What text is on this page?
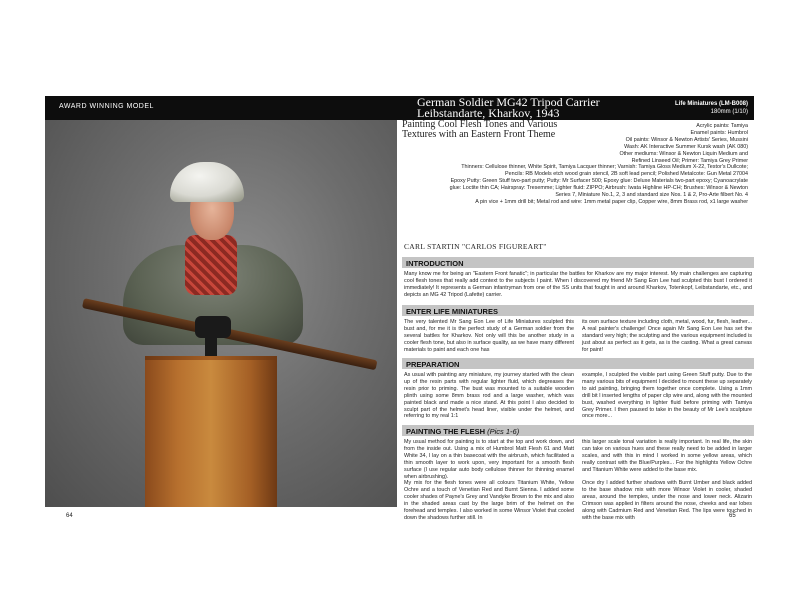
AWARD WINNING MODEL	German Soldier MG42 Tripod Carrier
Leibstandarte, Kharkov, 1943
Life Miniatures (LM-B008)
180mm (1/10)
Painting Cool Flesh Tones and Various Textures with an Eastern Front Theme
Acrylic paints: Tamiya
Enamel paints: Humbrol
Oil paints: Winsor & Newton Artists' Series, Mussini
Wash: AK Interactive Summer Kursk wash (AK 080)
Other mediums: Winsor & Newton Liquin Medium and
Refined Linseed Oil; Primer: Tamiya Grey Primer
Thinners: Cellulose thinner, White Spirit, Tamiya Lacquer thinner; Varnish: Tamiya Gloss Medium X-22, Testor's Dullcote;
Pencils: RB Models etch wood grain stencil, 2B soft lead pencil; Polished Metalcote: Gun Metal 27004
Epoxy Putty: Green Stuff two-part putty; Putty: Mr Surfacer 500; Epoxy glue: Deluxe Materials two-part epoxy; Cyanoacrylate
glue: Loctite thin CA; Hairspray: Tresemme; Lighter fluid: ZIPPO; Airbrush: Iwata Highline HP-CH; Brushes: Winsor & Newton
Series 7, Miniature No.1, 2, 3 and standard size Nos. 1 & 2, Pro-Arte filbert No. 4
A pin vice + 1mm drill bit; Metal rod and wire: 1mm metal paper clip, Copper wire, 8mm Brass rod, x1 large washer
CARL STARTIN "CARLOS FIGUREART"
INTRODUCTION
Many know me for being an "Eastern Front fanatic"; in particular the battles for Kharkov are my major interest. My main challenges are capturing cool flesh tones that really add context to the subjects I paint. When I discovered my friend Mr Sang Eon Lee had sculpted this bust I ordered it immediately! It represents a German infantryman from one of the SS units that fought in and around Kharkov, Totenkopf, Leibstandarte, etc., and depicts an MG 42 Tripod (Lafette) carrier.
ENTER LIFE MINIATURES
The very talented Mr Sang Eon Lee of Life Miniatures sculpted this bust and, for me it is the perfect study of a German soldier from the several battles for Kharkov. Not only will this be another study in a cooler flesh tone, but also in surface quality, as we have many different materials to paint and each one has
its own surface texture including cloth, metal, wood, fur, flesh, leather... A real painter's challenge! Once again Mr Sang Eon Lee has set the standard very high; the sculpting and the various equipment included is just about as perfect as it gets, as is the casting. What a great canvas for paint!
PREPARATION
As usual with painting any miniature, my journey started with the clean up of the resin parts with regular lighter fluid, which degreases the resin prior to priming. The bust was mounted to a suitable wooden plinth using some 8mm brass rod and a large washer, which was painted black and made a nice stand. At this point I also decided to sculpt part of the helmet's head liner, visible under the helmet, and referring to my real 1:1
example, I sculpted the visible part using Green Stuff putty. Due to the many various bits of equipment I decided to mount these up separately to aid painting, bringing them together once complete. Using a 1mm drill bit I inserted lengths of paper clip wire and, along with the mounted bust, washed everything in lighter fluid before priming with Tamiya Grey Primer. I then paused to take in the beauty of Mr Lee's sculpture once more...
PAINTING THE FLESH (Pics 1-6)
My usual method for painting is to start at the top and work down, and from the inside out. Using a mix of Humbrol Matt Flesh 61 and Matt White 34, I lay on a thin basecoat with the airbrush, which facilitated a thin smooth layer to work upon, very important for a smooth flesh surface (I use regular auto body cellulose thinner for thinning enamel when airbrushing).
My mix for the flesh tones were all colours Titanium White, Yellow Ochre and a touch of Venetian Red and Burnt Sienna. I added some cooler shades of Payne's Grey and Vandyke Brown to the mix and also in the shaded areas cast by the large brim of the helmet on the forehead and temples. I also worked in some Winsor Violet that cooled down the shadows further still. In
this larger scale tonal variation is really important. In real life, the skin can take on various hues and these really need to be added in larger scales, and with this in mind I worked in some yellow areas, which really contrast with the Blue/Purples... For the highlights Yellow Ochre and Titanium White were added to the base mix.
Once dry I added further shadows with Burnt Umber and black added to the base shadow mix with more Winsor Violet in cooler, shaded areas, around the temples, under the nose and lower neck. Alizarin Crimson was applied in filters around the nose, cheeks and ear lobes along with Cadmium Red and Venetian Red. The lips were touched in with the base mix with
64	65
